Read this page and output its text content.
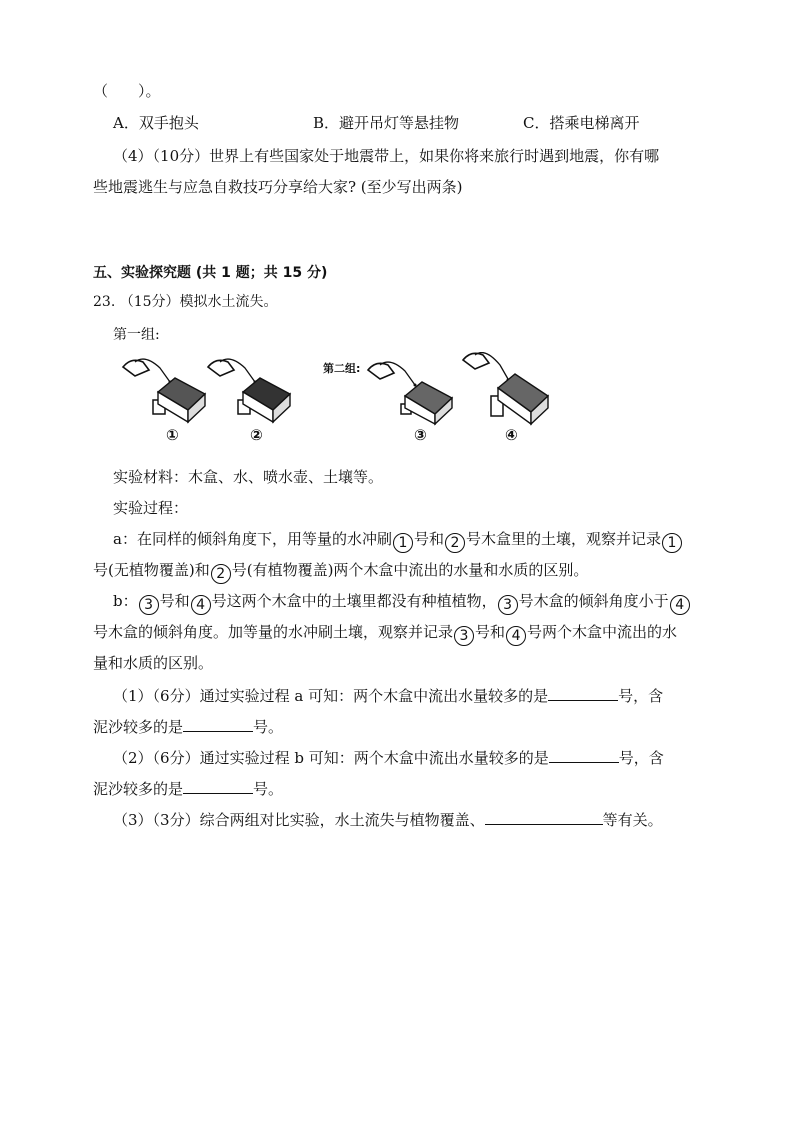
（　　）。
A．双手抱头	B．避开吊灯等悬挂物	C．搭乘电梯离开
（4）（10分）世界上有些国家处于地震带上，如果你将来旅行时遇到地震，你有哪
些地震逃生与应急自救技巧分享给大家? (至少写出两条)
五、实验探究题 (共 1 题；共 15 分)
23. （15分）模拟水土流失。
第一组:
第二组:
①	②	③	④
实验材料：木盒、水、喷水壶、土壤等。
实验过程：
a：在同样的倾斜角度下，用等量的水冲刷 1 号和 2 号木盒里的土壤，观察并记录 1
号(无植物覆盖)和 2 号(有植物覆盖)两个木盒中流出的水量和水质的区别。
b： 3 号和 4 号这两个木盒中的土壤里都没有种植植物， 3 号木盒的倾斜角度小于 4
号木盒的倾斜角度。加等量的水冲刷土壤，观察并记录 3 号和 4 号两个木盒中流出的水
量和水质的区别。
（1）（6分）通过实验过程 a 可知：两个木盒中流出水量较多的是	号，含
泥沙较多的是	号。
（2）（6分）通过实验过程 b 可知：两个木盒中流出水量较多的是	号，含
泥沙较多的是	号。
（3）（3分）综合两组对比实验，水土流失与植物覆盖、	等有关。
